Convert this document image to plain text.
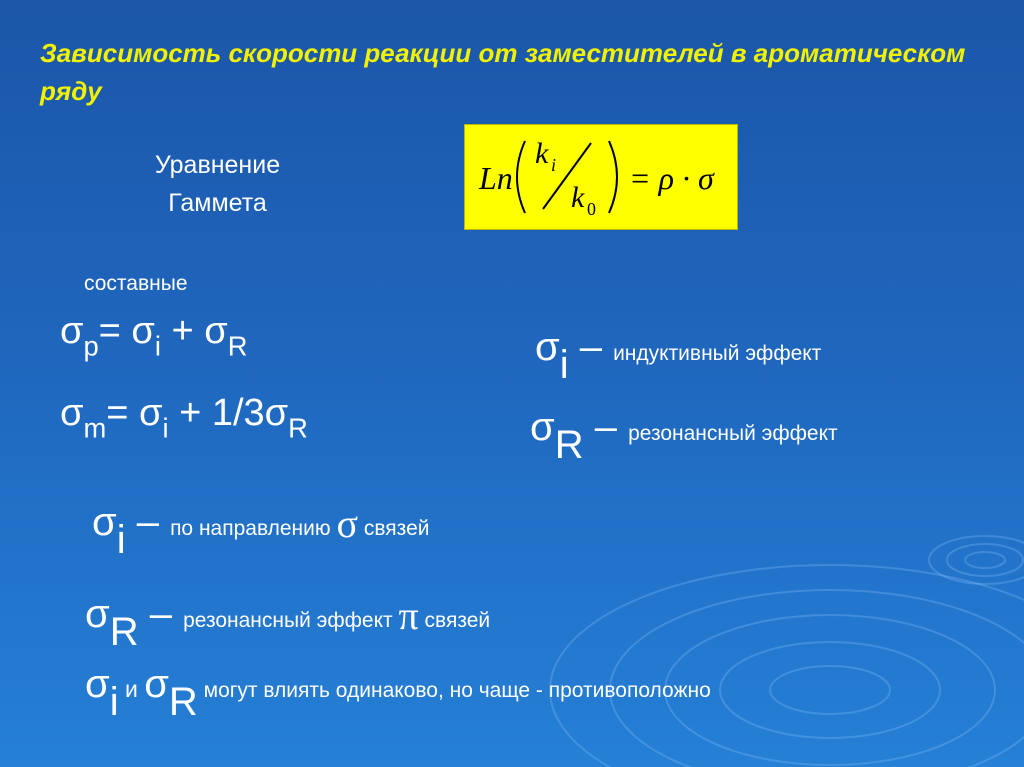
Зависимость скорости реакции от заместителей в ароматическом ряду
Уравнение Гаммета
Ln
k i
k 0
= ρ · σ
составные
$\sigma_p= \sigma_i + \sigma_R$
$\sigma_m= \sigma_i + 1/3\sigma_R$
σi – индуктивный эффект
σR – резонансный эффект
σi – по направлению σ связей
σR – резонансный эффект π связей
σi и σR могут влиять одинаково, но чаще - противоположно
